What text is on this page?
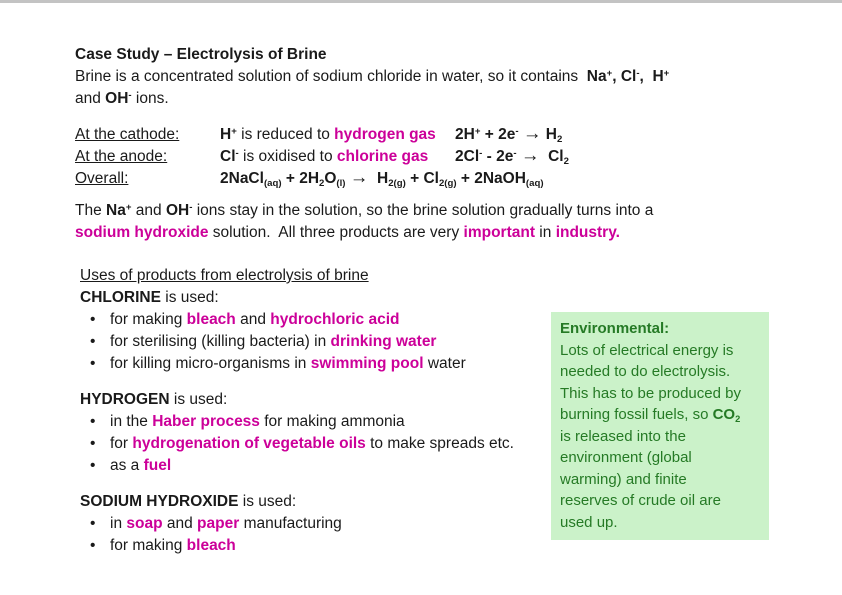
Case Study – Electrolysis of Brine
Brine is a concentrated solution of sodium chloride in water, so it contains  Na+, Cl-,  H+
and OH- ions.
At the cathode:	H+ is reduced to hydrogen gas	2H+ + 2e- → H2
At the anode:	Cl- is oxidised to chlorine gas	2Cl- - 2e- →  Cl2
Overall:	2NaCl(aq) + 2H2O(l) →  H2(g) + Cl2(g) + 2NaOH(aq)
The Na+ and OH- ions stay in the solution, so the brine solution gradually turns into a
sodium hydroxide solution.  All three products are very important in industry.
Uses of products from electrolysis of brine
CHLORINE is used:
• for making bleach and hydrochloric acid
• for sterilising (killing bacteria) in drinking water
• for killing micro-organisms in swimming pool water
HYDROGEN is used:
• in the Haber process for making ammonia
• for hydrogenation of vegetable oils to make spreads etc.
• as a fuel
SODIUM HYDROXIDE is used:
• in soap and paper manufacturing
• for making bleach
Environmental:
Lots of electrical energy is
needed to do electrolysis.
This has to be produced by
burning fossil fuels, so CO2
is released into the
environment (global
warming) and finite
reserves of crude oil are
used up.
